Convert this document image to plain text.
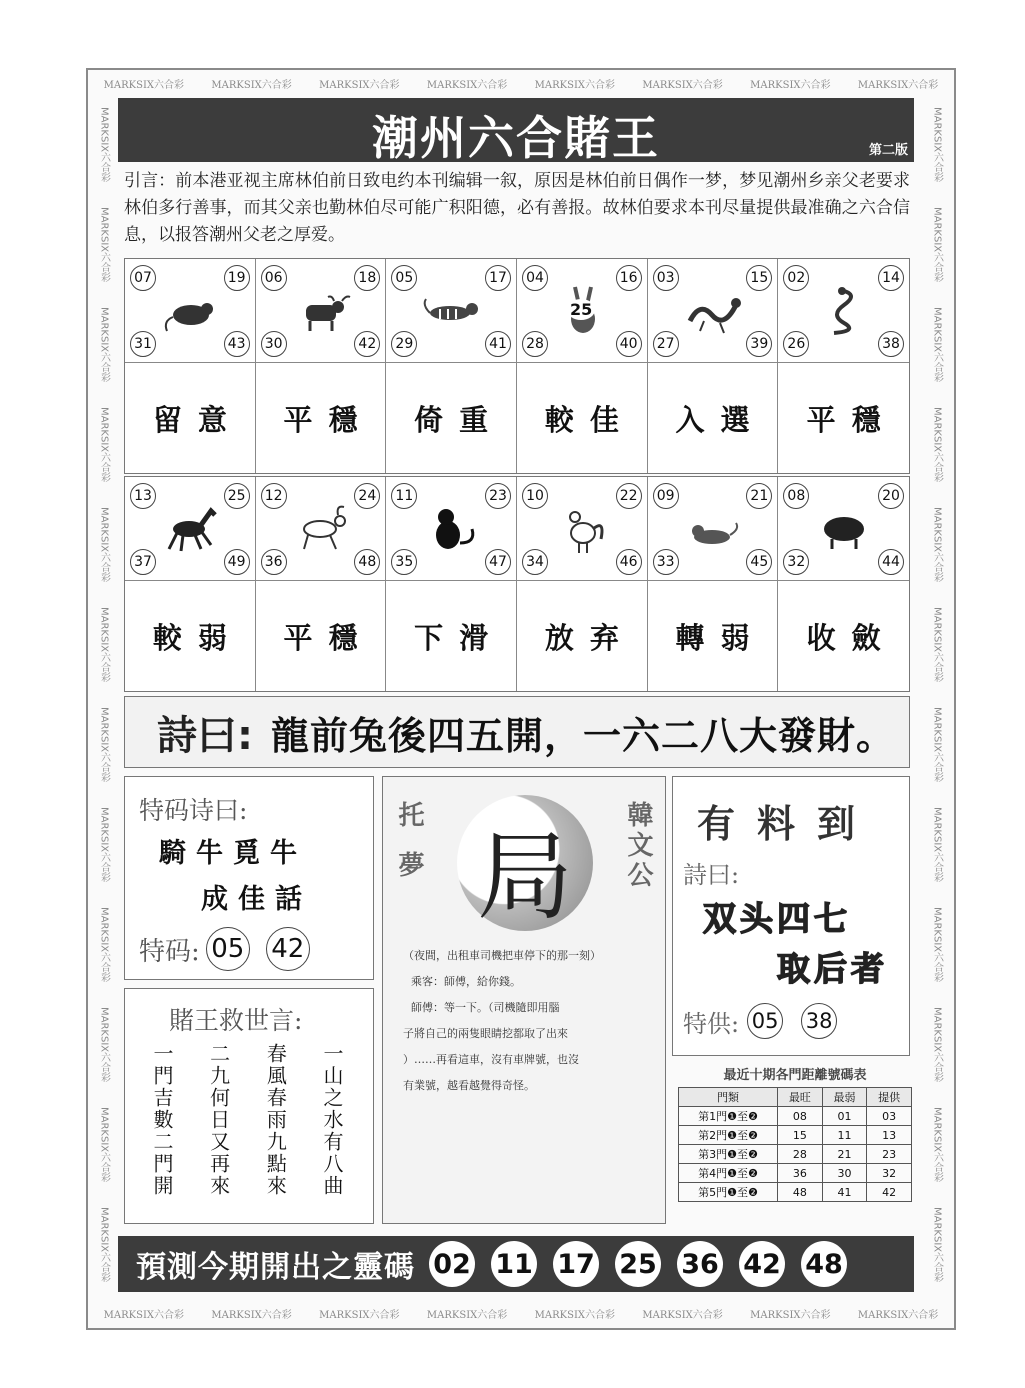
MARKSIX六合彩	MARKSIX六合彩	MARKSIX六合彩	MARKSIX六合彩	MARKSIX六合彩	MARKSIX六合彩	MARKSIX六合彩	MARKSIX六合彩
MARKSIX六合彩	MARKSIX六合彩	MARKSIX六合彩	MARKSIX六合彩	MARKSIX六合彩	MARKSIX六合彩	MARKSIX六合彩	MARKSIX六合彩
MARKSIX六合彩
MARKSIX六合彩
MARKSIX六合彩
MARKSIX六合彩
MARKSIX六合彩
MARKSIX六合彩
MARKSIX六合彩
MARKSIX六合彩
MARKSIX六合彩
MARKSIX六合彩
MARKSIX六合彩
MARKSIX六合彩
MARKSIX六合彩
MARKSIX六合彩
MARKSIX六合彩
MARKSIX六合彩
MARKSIX六合彩
MARKSIX六合彩
MARKSIX六合彩
MARKSIX六合彩
MARKSIX六合彩
MARKSIX六合彩
MARKSIX六合彩
MARKSIX六合彩
潮州六合賭王	第二版
引言：前本港亚视主席林伯前日致电约本刊编辑一叙，原因是林伯前日偶作一梦，梦见潮州乡亲父老要求林伯多行善事，而其父亲也勤林伯尽可能广积阳德，必有善报。故林伯要求本刊尽量提供最准确之六合信息，以报答潮州父老之厚爱。
07	19
31	43
06	18
30	42
05	17
29	41
04	16
28	40
25
03	15
27	39
02	14
26	38
留意	平穩	倚重	較佳	入選	平穩
13	25
37	49
12	24
36	48
11	23
35	47
10	22
34	46
09	21
33	45
08	20
32	44
較弱	平穩	下滑	放弃	轉弱	收斂
詩曰: 龍前兔後四五開，一六二八大發財。
特码诗曰:
騎牛覓牛
成佳話
特码: 05 42
托夢	韓文公
局
（夜間，出租車司機把車停下的那一刻）
乘客：師傅，給你錢。
師傅：等一下。（司機隨即用腦
子將自己的兩隻眼睛挖都取了出來
）……再看這車，沒有車牌號，也沒
有業號，越看越覺得奇怪。
有料到
詩曰:
双头四七
取后者
特供: 05 38
賭王救世言:
一山之水有八曲
春風春雨九點來
二九何日又再來
一門吉數二門開	最近十期各門距離號碼表
門類	最旺	最弱	提供
第1門❶至❷	08	01	03
第2門❶至❷	15	11	13
第3門❶至❷	28	21	23
第4門❶至❷	36	30	32
第5門❶至❷	48	41	42
預測今期開出之靈碼 02 11 17 25 36 42 48
